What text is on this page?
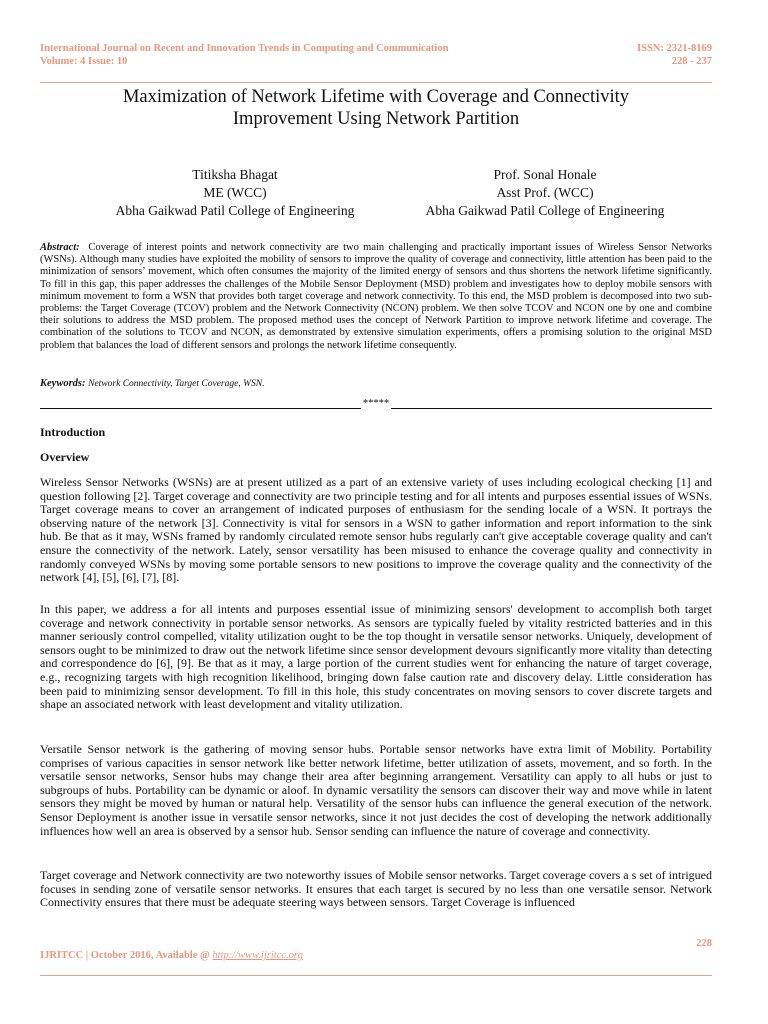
International Journal on Recent and Innovation Trends in Computing and Communication	ISSN: 2321-8169
Volume: 4 Issue: 10	228 - 237
Maximization of Network Lifetime with Coverage and Connectivity
Improvement Using Network Partition
Titiksha Bhagat
ME (WCC)
Abha Gaikwad Patil College of Engineering
Prof. Sonal Honale
Asst Prof. (WCC)
Abha Gaikwad Patil College of Engineering
Abstract: Coverage of interest points and network connectivity are two main challenging and practically important issues of Wireless Sensor Networks (WSNs). Although many studies have exploited the mobility of sensors to improve the quality of coverage and connectivity, little attention has been paid to the minimization of sensors’ movement, which often consumes the majority of the limited energy of sensors and thus shortens the network lifetime significantly. To fill in this gap, this paper addresses the challenges of the Mobile Sensor Deployment (MSD) problem and investigates how to deploy mobile sensors with minimum movement to form a WSN that provides both target coverage and network connectivity. To this end, the MSD problem is decomposed into two sub-problems: the Target Coverage (TCOV) problem and the Network Connectivity (NCON) problem. We then solve TCOV and NCON one by one and combine their solutions to address the MSD problem. The proposed method uses the concept of Network Partition to improve network lifetime and coverage. The combination of the solutions to TCOV and NCON, as demonstrated by extensive simulation experiments, offers a promising solution to the original MSD problem that balances the load of different sensors and prolongs the network lifetime consequently.
Keywords: Network Connectivity, Target Coverage, WSN.
*****
Introduction
Overview
Wireless Sensor Networks (WSNs) are at present utilized as a part of an extensive variety of uses including ecological checking [1] and question following [2]. Target coverage and connectivity are two principle testing and for all intents and purposes essential issues of WSNs. Target coverage means to cover an arrangement of indicated purposes of enthusiasm for the sending locale of a WSN. It portrays the observing nature of the network [3]. Connectivity is vital for sensors in a WSN to gather information and report information to the sink hub. Be that as it may, WSNs framed by randomly circulated remote sensor hubs regularly can't give acceptable coverage quality and can't ensure the connectivity of the network. Lately, sensor versatility has been misused to enhance the coverage quality and connectivity in randomly conveyed WSNs by moving some portable sensors to new positions to improve the coverage quality and the connectivity of the network [4], [5], [6], [7], [8].
In this paper, we address a for all intents and purposes essential issue of minimizing sensors' development to accomplish both target coverage and network connectivity in portable sensor networks. As sensors are typically fueled by vitality restricted batteries and in this manner seriously control compelled, vitality utilization ought to be the top thought in versatile sensor networks. Uniquely, development of sensors ought to be minimized to draw out the network lifetime since sensor development devours significantly more vitality than detecting and correspondence do [6], [9]. Be that as it may, a large portion of the current studies went for enhancing the nature of target coverage, e.g., recognizing targets with high recognition likelihood, bringing down false caution rate and discovery delay. Little consideration has been paid to minimizing sensor development. To fill in this hole, this study concentrates on moving sensors to cover discrete targets and shape an associated network with least development and vitality utilization.
Versatile Sensor network is the gathering of moving sensor hubs. Portable sensor networks have extra limit of Mobility. Portability comprises of various capacities in sensor network like better network lifetime, better utilization of assets, movement, and so forth. In the versatile sensor networks, Sensor hubs may change their area after beginning arrangement. Versatility can apply to all hubs or just to subgroups of hubs. Portability can be dynamic or aloof. In dynamic versatility the sensors can discover their way and move while in latent sensors they might be moved by human or natural help. Versatility of the sensor hubs can influence the general execution of the network. Sensor Deployment is another issue in versatile sensor networks, since it not just decides the cost of developing the network additionally influences how well an area is observed by a sensor hub. Sensor sending can influence the nature of coverage and connectivity.
Target coverage and Network connectivity are two noteworthy issues of Mobile sensor networks. Target coverage covers a s set of intrigued focuses in sending zone of versatile sensor networks. It ensures that each target is secured by no less than one versatile sensor. Network Connectivity ensures that there must be adequate steering ways between sensors. Target Coverage is influenced
228
IJRITCC | October 2016, Available @ http://www.ijritcc.org
